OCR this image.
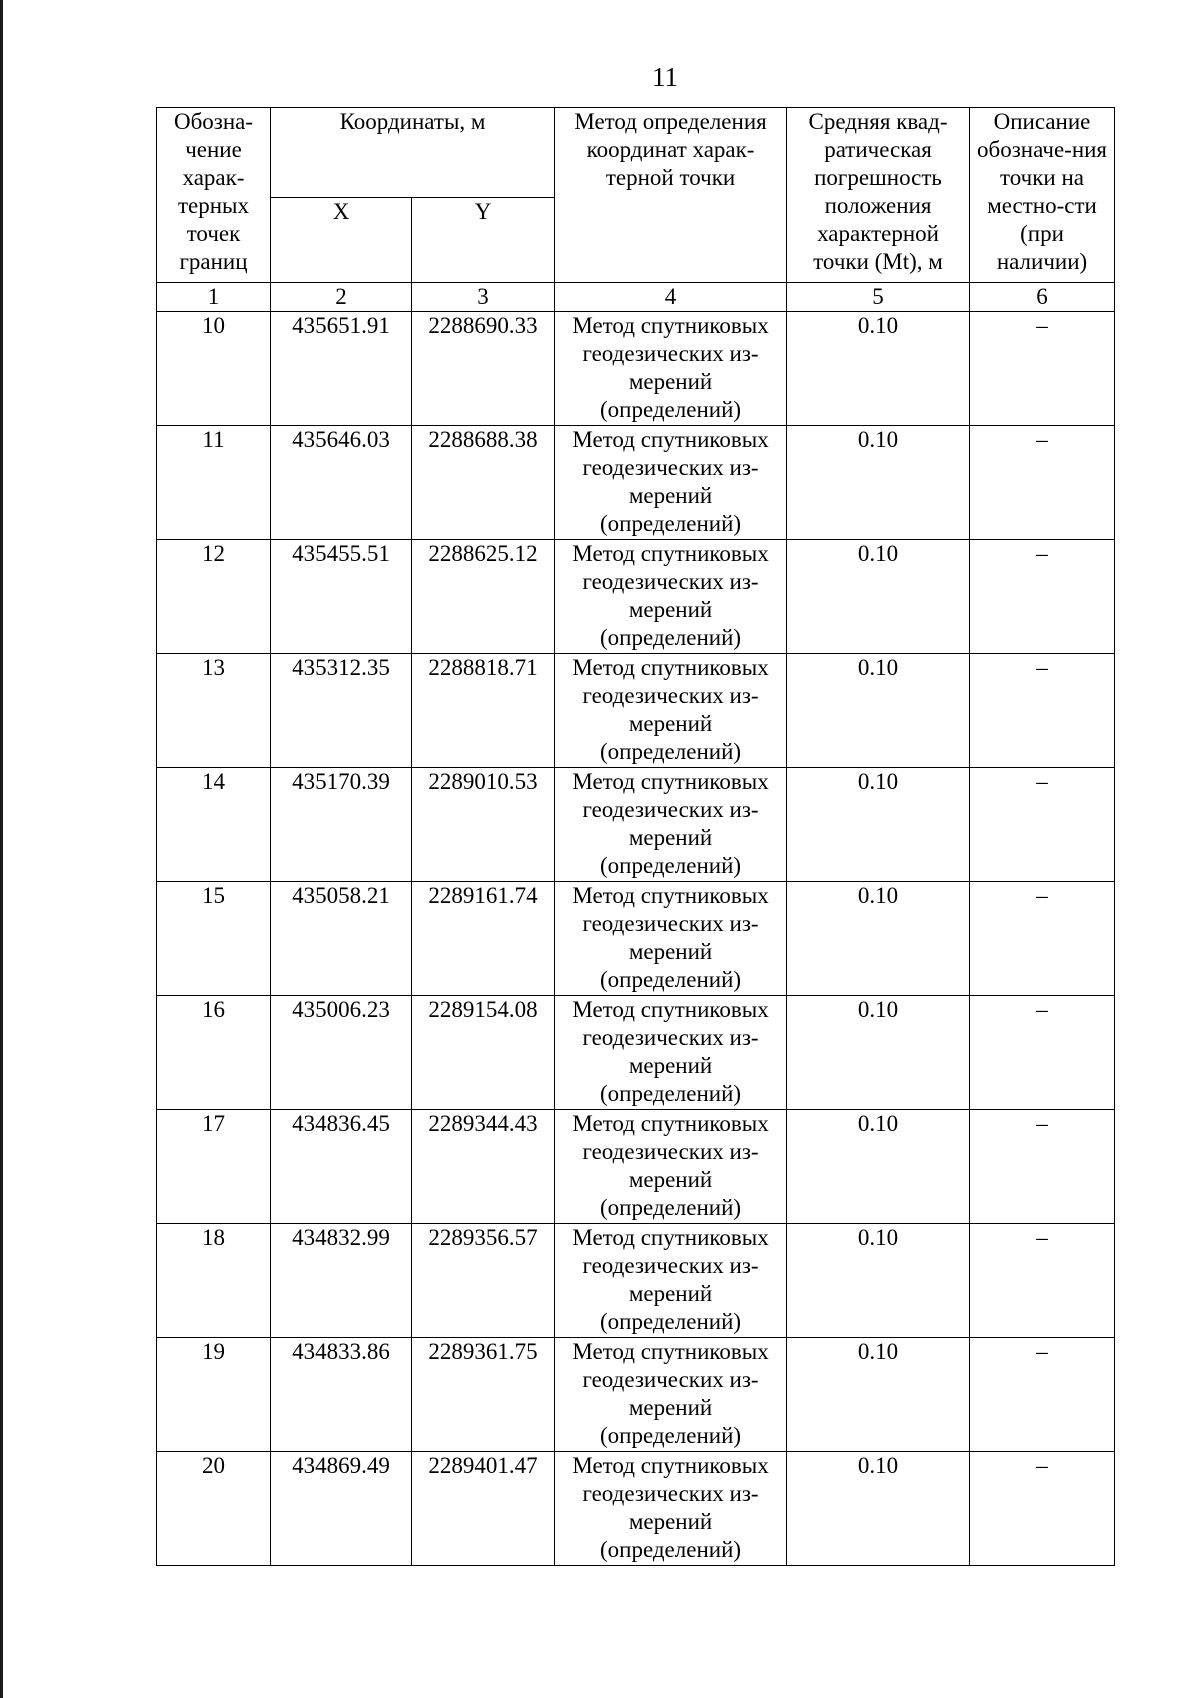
11
Обозна-чение харак-терных точек границ	Координаты, м		Метод определения координат харак-терной точки	Средняя квад-ратическая погрешность положения характерной точки (Mt), м	Описание обозначе-ния точки на местно-сти (при наличии)
	X	Y			
1	2	3	4	5	6
10	435651.91	2288690.33	Метод спутниковых геодезических из-мерений (определений)	0.10	–
11	435646.03	2288688.38	Метод спутниковых геодезических из-мерений (определений)	0.10	–
12	435455.51	2288625.12	Метод спутниковых геодезических из-мерений (определений)	0.10	–
13	435312.35	2288818.71	Метод спутниковых геодезических из-мерений (определений)	0.10	–
14	435170.39	2289010.53	Метод спутниковых геодезических из-мерений (определений)	0.10	–
15	435058.21	2289161.74	Метод спутниковых геодезических из-мерений (определений)	0.10	–
16	435006.23	2289154.08	Метод спутниковых геодезических из-мерений (определений)	0.10	–
17	434836.45	2289344.43	Метод спутниковых геодезических из-мерений (определений)	0.10	–
18	434832.99	2289356.57	Метод спутниковых геодезических из-мерений (определений)	0.10	–
19	434833.86	2289361.75	Метод спутниковых геодезических из-мерений (определений)	0.10	–
20	434869.49	2289401.47	Метод спутниковых геодезических из-мерений (определений)	0.10	–
